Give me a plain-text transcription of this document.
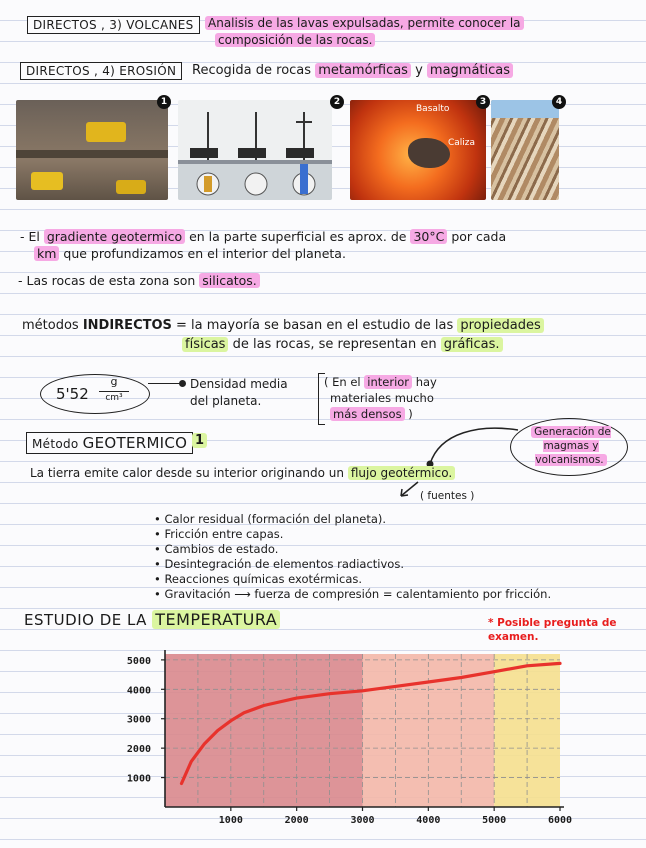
DIRECTOS , 3) VOLCANES	Analisis de las lavas expulsadas, permite conocer la
composición de las rocas.
DIRECTOS , 4) EROSIÓN	Recogida de rocas metamórficas y magmáticas
1	2
Basalto
Caliza
3	4
- El gradiente geotermico en la parte superficial es aprox. de 30°C por cada
km que profundizamos en el interior del planeta.
- Las rocas de esta zona son silicatos.
métodos INDIRECTOS = la mayoría se basan en el estudio de las propiedades
físicas de las rocas, se representan en gráficas.
5'52
g
cm³
Densidad media
del planeta.
( En el interior hay
materiales mucho
más densos )
Método GEOTERMICO 1
Generación de magmas y volcanismos.
La tierra emite calor desde su interior originando un flujo geotérmico.
( fuentes )
• Calor residual (formación del planeta).
• Fricción entre capas.
• Cambios de estado.
• Desintegración de elementos radiactivos.
• Reacciones químicas exotérmicas.
• Gravitación ⟶ fuerza de compresión = calentamiento por fricción.
ESTUDIO DE LA TEMPERATURA	* Posible pregunta de examen.
1000	2000	3000	4000	5000	6000
1000
2000
3000
4000
5000
